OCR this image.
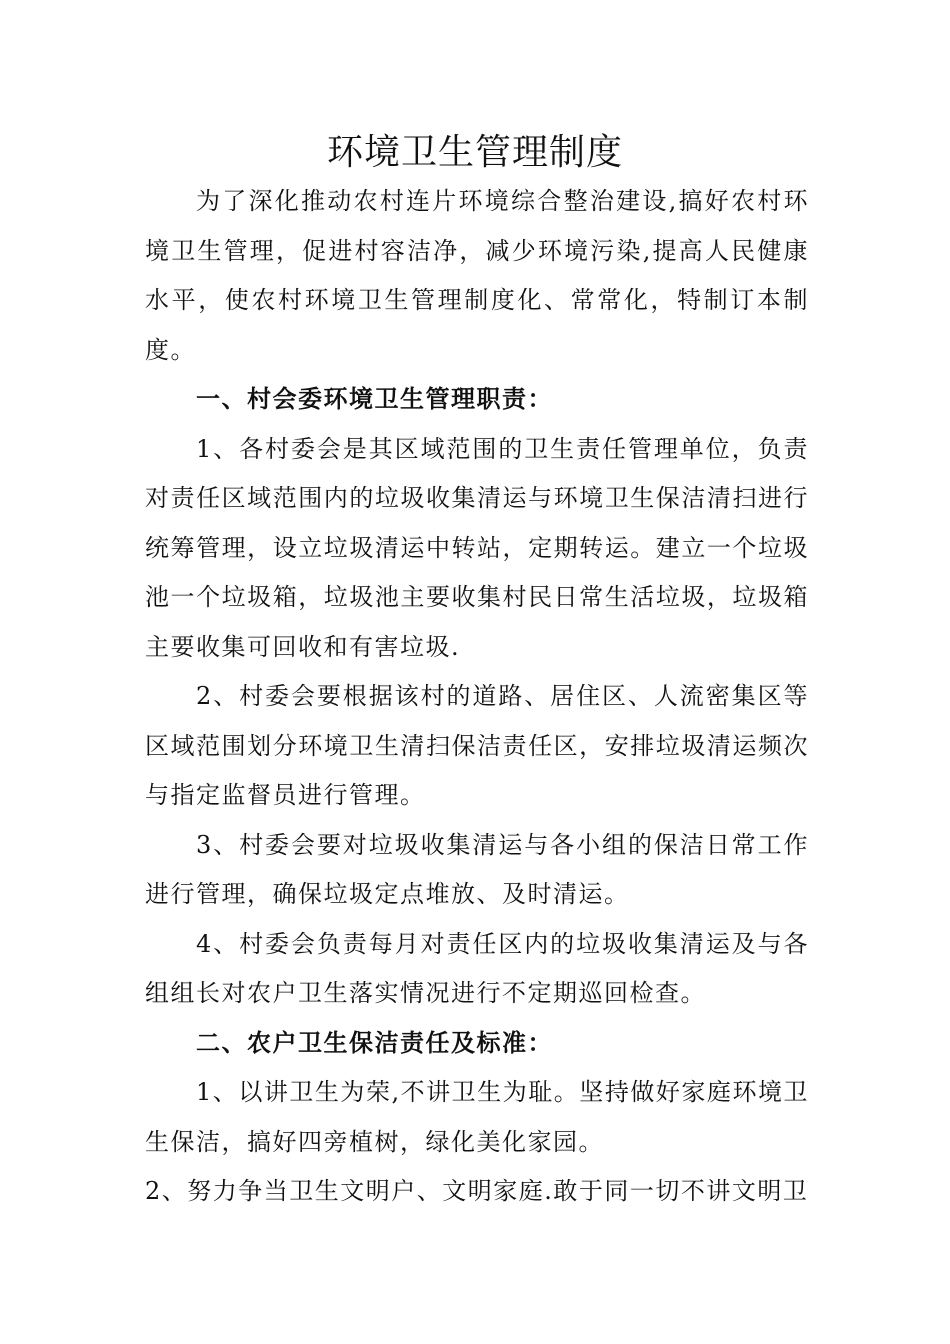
环境卫生管理制度

为了深化推动农村连片环境综合整治建设,搞好农村环境卫生管理，促进村容洁净，减少环境污染,提高人民健康水平，使农村环境卫生管理制度化、常常化，特制订本制度。

一、村会委环境卫生管理职责：

1、各村委会是其区域范围的卫生责任管理单位，负责对责任区域范围内的垃圾收集清运与环境卫生保洁清扫进行统筹管理，设立垃圾清运中转站，定期转运。建立一个垃圾池一个垃圾箱，垃圾池主要收集村民日常生活垃圾，垃圾箱主要收集可回收和有害垃圾.

2、村委会要根据该村的道路、居住区、人流密集区等区域范围划分环境卫生清扫保洁责任区，安排垃圾清运频次与指定监督员进行管理。

3、村委会要对垃圾收集清运与各小组的保洁日常工作进行管理，确保垃圾定点堆放、及时清运。

4、村委会负责每月对责任区内的垃圾收集清运及与各组组长对农户卫生落实情况进行不定期巡回检查。

二、农户卫生保洁责任及标准：

1、以讲卫生为荣,不讲卫生为耻。坚持做好家庭环境卫生保洁，搞好四旁植树，绿化美化家园。

2、努力争当卫生文明户、文明家庭.敢于同一切不讲文明卫
